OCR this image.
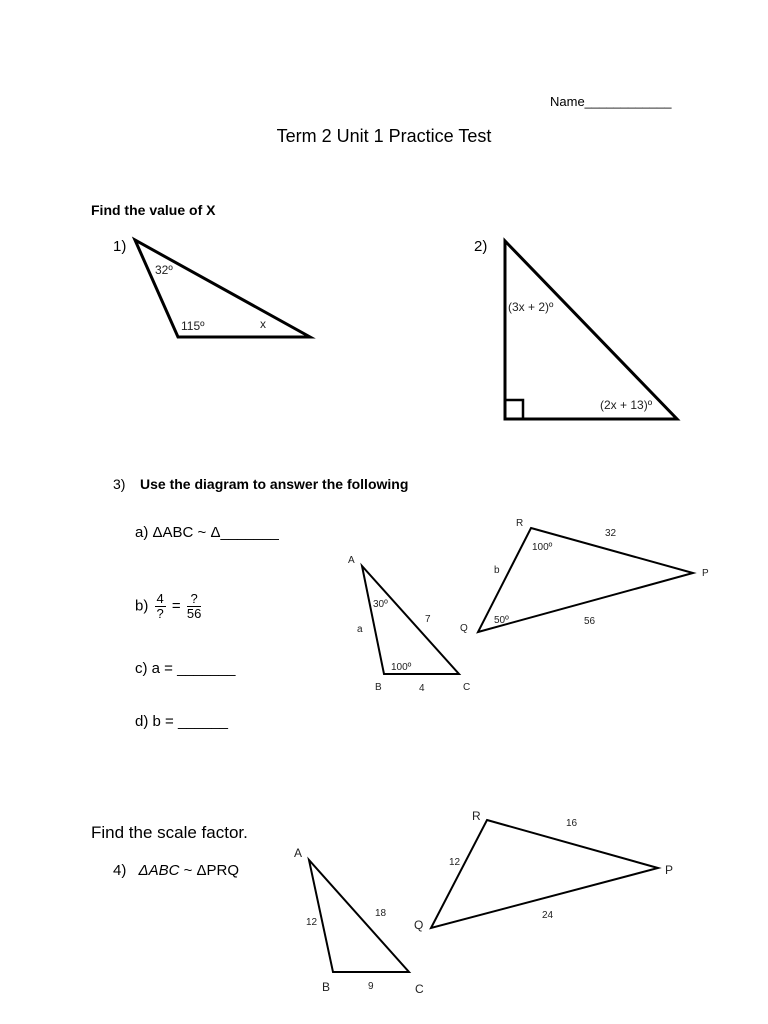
Name____________
Term 2 Unit 1 Practice Test
Find the value of X
1)	2)
3) Use the diagram to answer the following
a) ΔABC ~ Δ_______
$b) \frac{4}{?} = \frac{?}{56}$
c) a = _______
d) b = ______
Find the scale factor.
4) ΔABC ~ ΔPRQ
32º
115º	x
(3x + 2)º
(2x + 13)º
A
B	C
a
7
4
30º
100º
R
P
Q
b
32
56
100º
50º
A
B	C
12
18
9
R
P
Q
12
16
24
